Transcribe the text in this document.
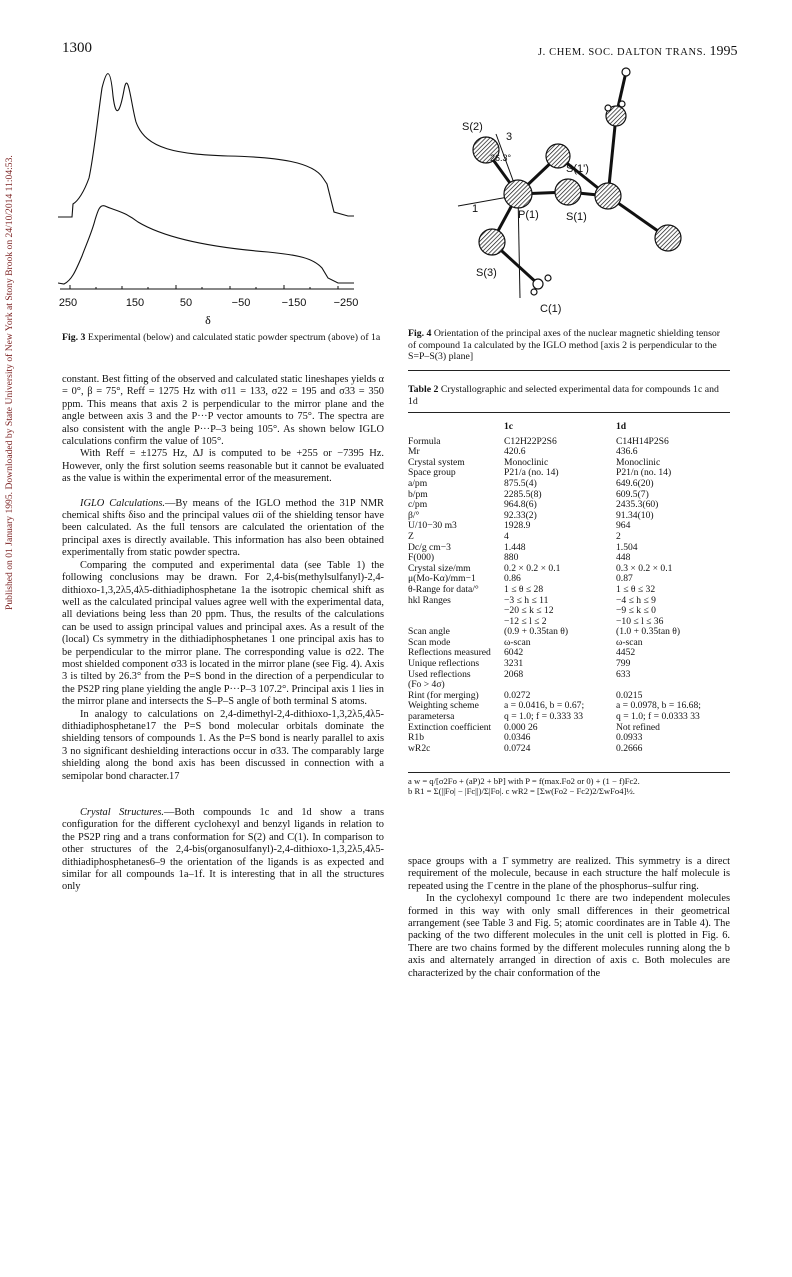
1300	J. CHEM. SOC. DALTON TRANS. 1995
Published on 01 January 1995. Downloaded by State University of New York at Stony Brook on 24/10/2014 11:04:53.	250	150	50	−50	−150 −250
δ
Fig. 3 Experimental (below) and calculated static powder spectrum (above) of 1a

constant. Best fitting of the observed and calculated static lineshapes yields α = 0°, β = 75°, Reff = 1275 Hz with σ11 = 133, σ22 = 195 and σ33 = 350 ppm. This means that axis 2 is perpendicular to the mirror plane and the angle between axis 3 and the P···P vector amounts to 75°. The spectra are also consistent with the angle P···P–3 being 105°. As shown below IGLO calculations confirm the value of 105°.

With Reff = ±1275 Hz, ΔJ is computed to be +255 or −7395 Hz. However, only the first solution seems reasonable but it cannot be evaluated as the value is within the experimental error of the measurement.

IGLO Calculations.—By means of the IGLO method the 31P NMR chemical shifts δiso and the principal values σii of the shielding tensor have been calculated. As the full tensors are calculated the orientation of the principal axes is directly available. This information has also been obtained experimentally from static powder spectra.

Comparing the computed and experimental data (see Table 1) the following conclusions may be drawn. For 2,4-bis(methylsulfanyl)-2,4-dithioxo-1,3,2λ5,4λ5-dithiadiphosphetane 1a the isotropic chemical shift as well as the calculated principal values agree well with the experimental data, all deviations being less than 20 ppm. Thus, the results of the calculations can be used to assign principal values and principal axes. As a result of the (local) Cs symmetry in the dithiadiphosphetanes 1 one principal axis has to be perpendicular to the mirror plane. The corresponding value is σ22. The most shielded component σ33 is located in the mirror plane (see Fig. 4). Axis 3 is tilted by 26.3° from the P=S bond in the direction of a perpendicular to the PS2P ring plane yielding the angle P···P–3 107.2°. Principal axis 1 lies in the mirror plane and intersects the S–P–S angle of both terminal S atoms.

In analogy to calculations on 2,4-dimethyl-2,4-dithioxo-1,3,2λ5,4λ5-dithiadiphosphetane17 the P=S bond molecular orbitals dominate the shielding tensors of compounds 1. As the P=S bond is nearly parallel to axis 3 no significant deshielding interactions occur in σ33. The comparably large shielding along the bond axis has been discussed in connection with a semipolar bond character.17

Crystal Structures.—Both compounds 1c and 1d show a trans configuration for the different cyclohexyl and benzyl ligands in relation to the PS2P ring and a trans conformation for S(2) and C(1). In comparison to other structures of the 2,4-bis(organosulfanyl)-2,4-dithioxo-1,3,2λ5,4λ5-dithiadiphosphetanes6–9 the orientation of the ligands is as expected and similar for all compounds 1a–1f. It is interesting that in all the structures only

S(2)
3
26.3°
S(1')
1	P(1) S(1)
S(3)
C(1)
Fig. 4 Orientation of the principal axes of the nuclear magnetic shielding tensor of compound 1a calculated by the IGLO method [axis 2 is perpendicular to the S=P–S(3) plane]
Table 2 Crystallographic and selected experimental data for compounds 1c and 1d
	1c	1d
Formula	C12H22P2S6	C14H14P2S6
Mr	420.6	436.6
Crystal system	Monoclinic	Monoclinic
Space group	P21/a (no. 14)	P21/n (no. 14)
a/pm	875.5(4)	649.6(20)
b/pm	2285.5(8)	609.5(7)
c/pm	964.8(6)	2435.3(60)
β/°	92.33(2)	91.34(10)
U/10−30 m3	1928.9	964
Z	4	2
Dc/g cm−3	1.448	1.504
F(000)	880	448
Crystal size/mm	0.2 × 0.2 × 0.1	0.3 × 0.2 × 0.1
μ(Mo-Kα)/mm−1	0.86	0.87
θ-Range for data/°	1 ≤ θ ≤ 28	1 ≤ θ ≤ 32
hkl Ranges	−3 ≤ h ≤ 11	−4 ≤ h ≤ 9
	−20 ≤ k ≤ 12	−9 ≤ k ≤ 0
	−12 ≤ l ≤ 2	−10 ≤ l ≤ 36
Scan angle	(0.9 + 0.35tan θ)	(1.0 + 0.35tan θ)
Scan mode	ω-scan	ω-scan
Reflections measured	6042	4452
Unique reflections	3231	799
Used reflections	2068	633
(Fo > 4σ)		
Rint (for merging)	0.0272	0.0215
Weighting scheme	a = 0.0416, b = 0.67;	a = 0.0978, b = 16.68;
parametersa	q = 1.0; f = 0.333 33	q = 1.0; f = 0.0333 33
Extinction coefficient	0.000 26	Not refined
R1b	0.0346	0.0933
wR2c	0.0724	0.2666
a w = q/[σ2Fo + (aP)2 + bP] with P = f(max.Fo2 or 0) + (1 − f)Fc2.
b R1 = Σ(||Fo| − |Fc||)/Σ|Fo|. c wR2 = [Σw(Fo2 − Fc2)2/ΣwFo4]½.

space groups with a 1̄ symmetry are realized. This symmetry is a direct requirement of the molecule, because in each structure the half molecule is repeated using the 1̄ centre in the plane of the phosphorus–sulfur ring.

In the cyclohexyl compound 1c there are two independent molecules formed in this way with only small differences in their geometrical arrangement (see Table 3 and Fig. 5; atomic coordinates are in Table 4). The packing of the two different molecules in the unit cell is plotted in Fig. 6. There are two chains formed by the different molecules running along the b axis and alternately arranged in direction of axis c. Both molecules are characterized by the chair conformation of the
